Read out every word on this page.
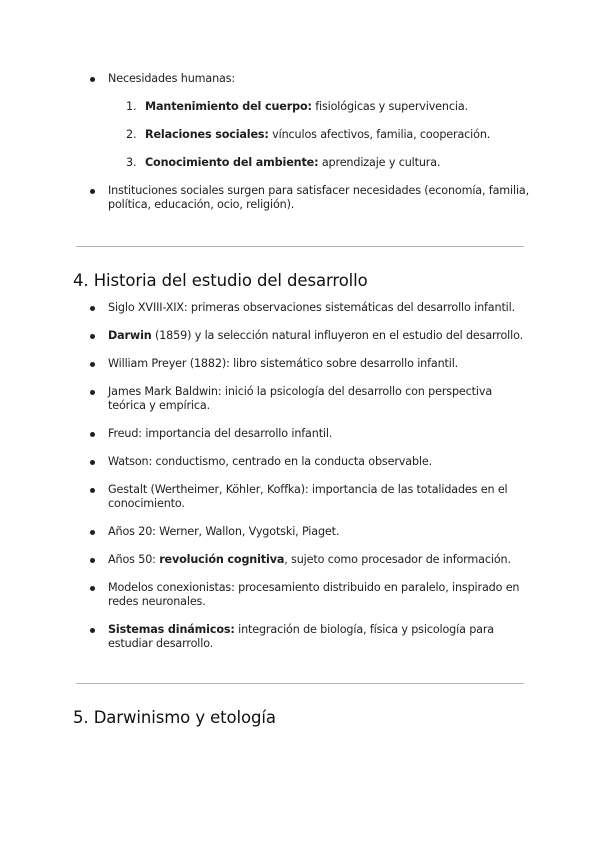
Necesidades humanas:
1. Mantenimiento del cuerpo: fisiológicas y supervivencia.
2. Relaciones sociales: vínculos afectivos, familia, cooperación.
3. Conocimiento del ambiente: aprendizaje y cultura.
Instituciones sociales surgen para satisfacer necesidades (economía, familia, política, educación, ocio, religión).
4. Historia del estudio del desarrollo
Siglo XVIII-XIX: primeras observaciones sistemáticas del desarrollo infantil.
Darwin (1859) y la selección natural influyeron en el estudio del desarrollo.
William Preyer (1882): libro sistemático sobre desarrollo infantil.
James Mark Baldwin: inició la psicología del desarrollo con perspectiva teórica y empírica.
Freud: importancia del desarrollo infantil.
Watson: conductismo, centrado en la conducta observable.
Gestalt (Wertheimer, Köhler, Koffka): importancia de las totalidades en el conocimiento.
Años 20: Werner, Wallon, Vygotski, Piaget.
Años 50: revolución cognitiva, sujeto como procesador de información.
Modelos conexionistas: procesamiento distribuido en paralelo, inspirado en redes neuronales.
Sistemas dinámicos: integración de biología, física y psicología para estudiar desarrollo.
5. Darwinismo y etología
